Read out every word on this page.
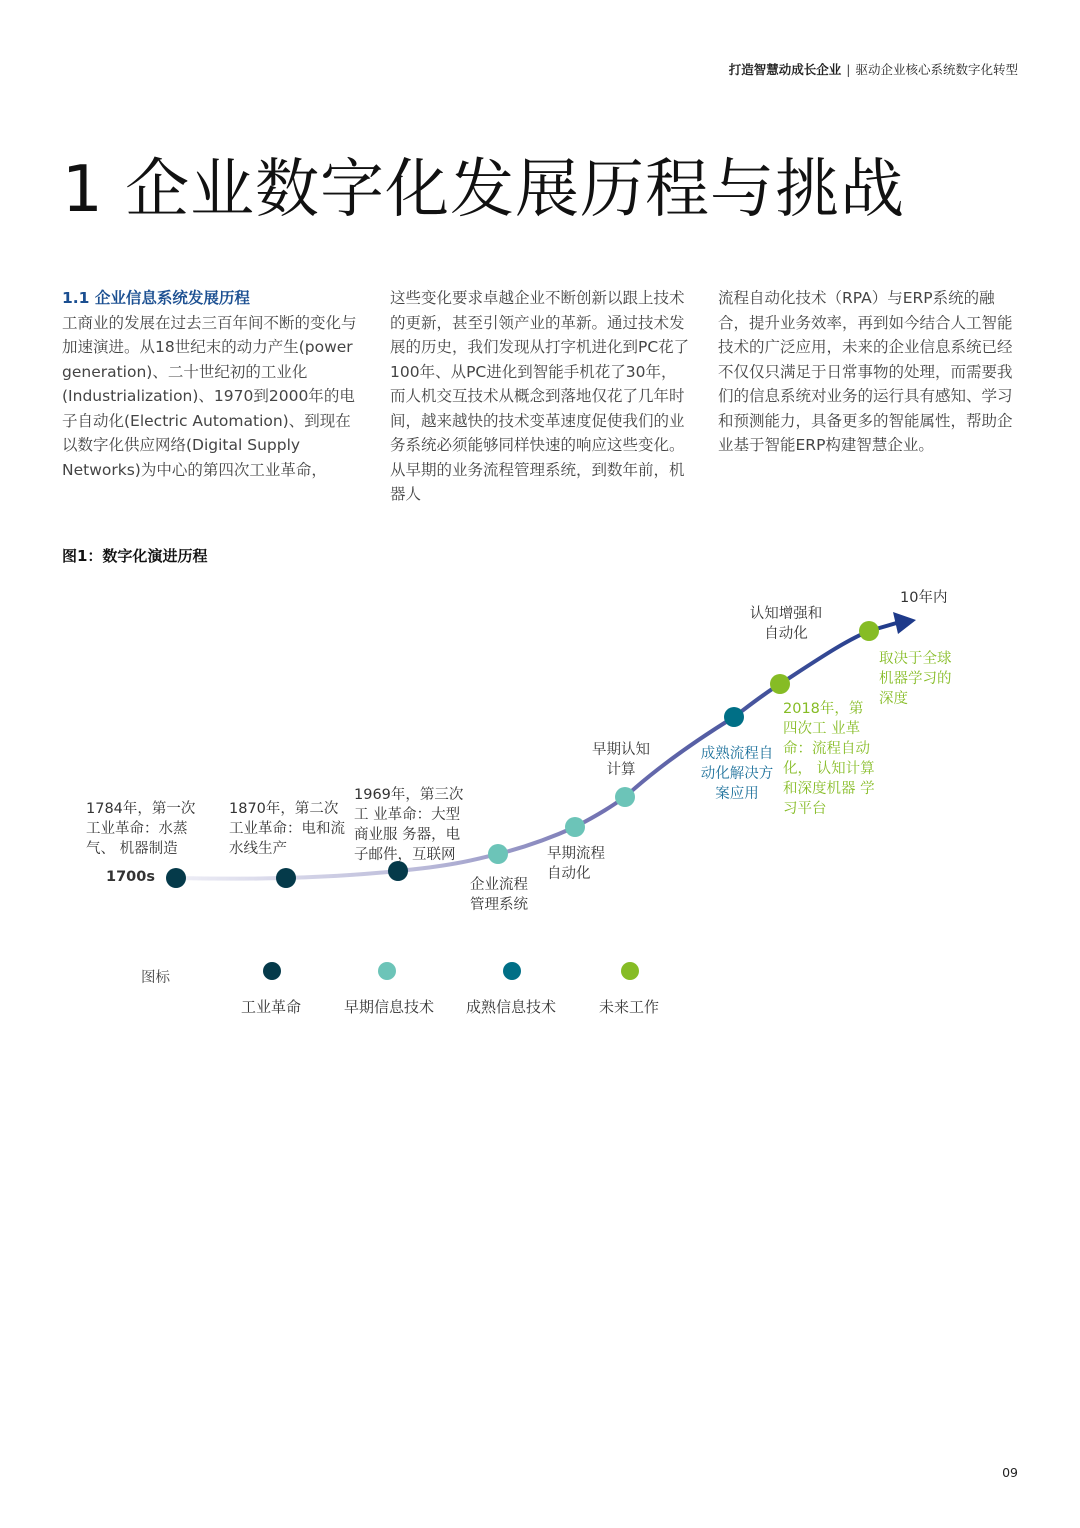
打造智慧动成长企业 | 驱动企业核心系统数字化转型
1 企业数字化发展历程与挑战
1.1 企业信息系统发展历程
工商业的发展在过去三百年间不断的变化与加速演进。从18世纪末的动力产生(power generation)、二十世纪初的工业化(Industrialization)、1970到2000年的电子自动化(Electric Automation)、到现在以数字化供应网络(Digital Supply Networks)为中心的第四次工业革命，
这些变化要求卓越企业不断创新以跟上技术的更新，甚至引领产业的革新。通过技术发展的历史，我们发现从打字机进化到PC花了100年、从PC进化到智能手机花了30年，而人机交互技术从概念到落地仅花了几年时间，越来越快的技术变革速度促使我们的业务系统必须能够同样快速的响应这些变化。从早期的业务流程管理系统，到数年前，机器人
流程自动化技术（RPA）与ERP系统的融合，提升业务效率，再到如今结合人工智能技术的广泛应用，未来的企业信息系统已经不仅仅只满足于日常事物的处理，而需要我们的信息系统对业务的运行具有感知、学习和预测能力，具备更多的智能属性，帮助企业基于智能ERP构建智慧企业。
图1：数字化演进历程
1700s
1784年，第一次工业革命：水蒸气、 机器制造
1870年，第二次工业革命：电和流 水线生产
1969年，第三次工 业革命：大型商业服 务器，电子邮件，互联网
企业流程管理系统
早期流程自动化
早期认知计算
成熟流程自动化解决方案应用
认知增强和自动化
2018年，第四次工 业革命：流程自动化， 认知计算和深度机器 学习平台
取决于全球机器学习的深度
10年内
图标
工业革命	早期信息技术 成熟信息技术	未来工作
09
